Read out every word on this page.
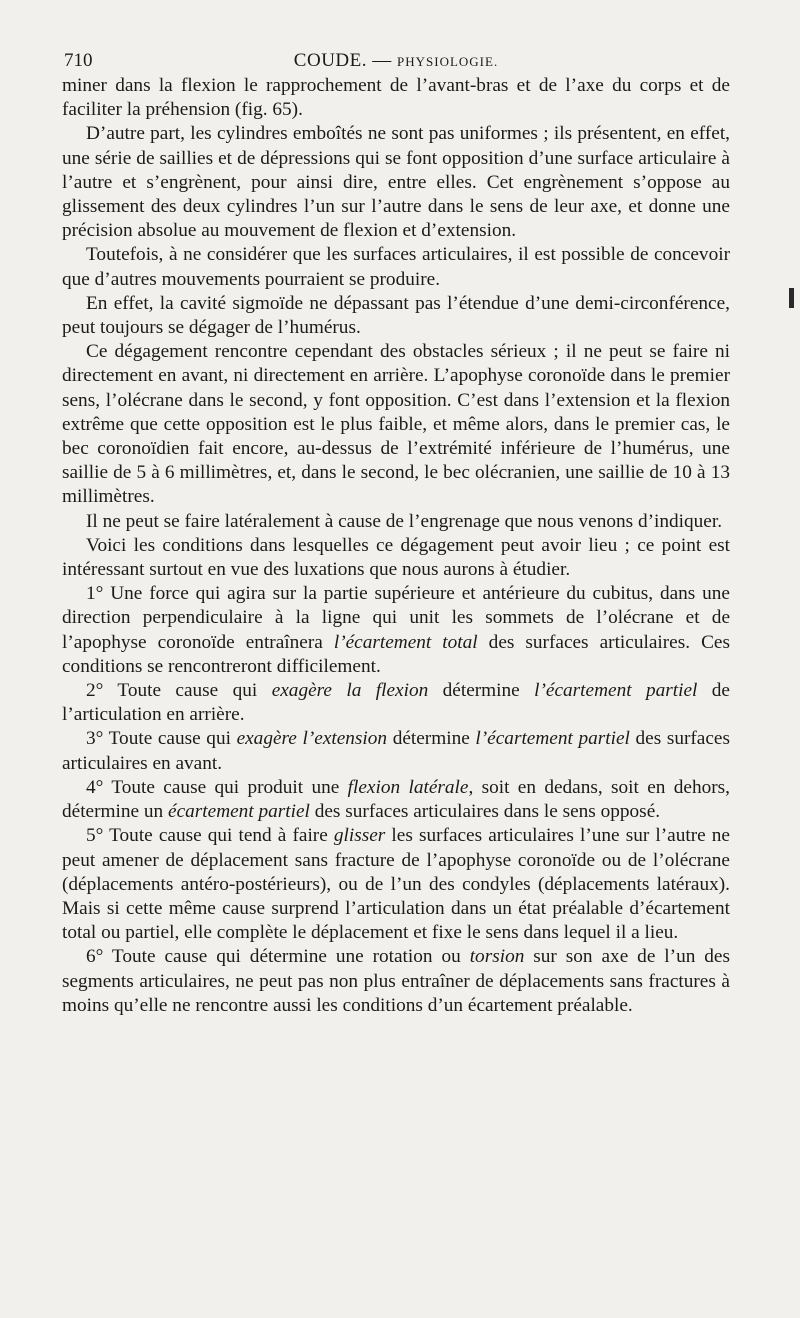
710	COUDE. — PHYSIOLOGIE.

miner dans la flexion le rapprochement de l’avant-bras et de l’axe du corps et de faciliter la préhension (fig. 65).

D’autre part, les cylindres emboîtés ne sont pas uniformes ; ils présentent, en effet, une série de saillies et de dépressions qui se font opposition d’une surface articulaire à l’autre et s’engrènent, pour ainsi dire, entre elles. Cet engrènement s’oppose au glissement des deux cylindres l’un sur l’autre dans le sens de leur axe, et donne une précision absolue au mouvement de flexion et d’extension.

Toutefois, à ne considérer que les surfaces articulaires, il est possible de concevoir que d’autres mouvements pourraient se produire.

En effet, la cavité sigmoïde ne dépassant pas l’étendue d’une demi-circonférence, peut toujours se dégager de l’humérus.

Ce dégagement rencontre cependant des obstacles sérieux ; il ne peut se faire ni directement en avant, ni directement en arrière. L’apophyse coronoïde dans le premier sens, l’olécrane dans le second, y font opposition. C’est dans l’extension et la flexion extrême que cette opposition est le plus faible, et même alors, dans le premier cas, le bec coronoïdien fait encore, au-dessus de l’extrémité inférieure de l’humérus, une saillie de 5 à 6 millimètres, et, dans le second, le bec olécranien, une saillie de 10 à 13 millimètres.

Il ne peut se faire latéralement à cause de l’engrenage que nous venons d’indiquer.

Voici les conditions dans lesquelles ce dégagement peut avoir lieu ; ce point est intéressant surtout en vue des luxations que nous aurons à étudier.

1° Une force qui agira sur la partie supérieure et antérieure du cubitus, dans une direction perpendiculaire à la ligne qui unit les sommets de l’olécrane et de l’apophyse coronoïde entraînera l’écartement total des surfaces articulaires. Ces conditions se rencontreront difficilement.

2° Toute cause qui exagère la flexion détermine l’écartement partiel de l’articulation en arrière.

3° Toute cause qui exagère l’extension détermine l’écartement partiel des surfaces articulaires en avant.

4° Toute cause qui produit une flexion latérale, soit en dedans, soit en dehors, détermine un écartement partiel des surfaces articulaires dans le sens opposé.

5° Toute cause qui tend à faire glisser les surfaces articulaires l’une sur l’autre ne peut amener de déplacement sans fracture de l’apophyse coronoïde ou de l’olécrane (déplacements antéro-postérieurs), ou de l’un des condyles (déplacements latéraux). Mais si cette même cause surprend l’articulation dans un état préalable d’écartement total ou partiel, elle complète le déplacement et fixe le sens dans lequel il a lieu.

6° Toute cause qui détermine une rotation ou torsion sur son axe de l’un des segments articulaires, ne peut pas non plus entraîner de déplacements sans fractures à moins qu’elle ne rencontre aussi les conditions d’un écartement préalable.
